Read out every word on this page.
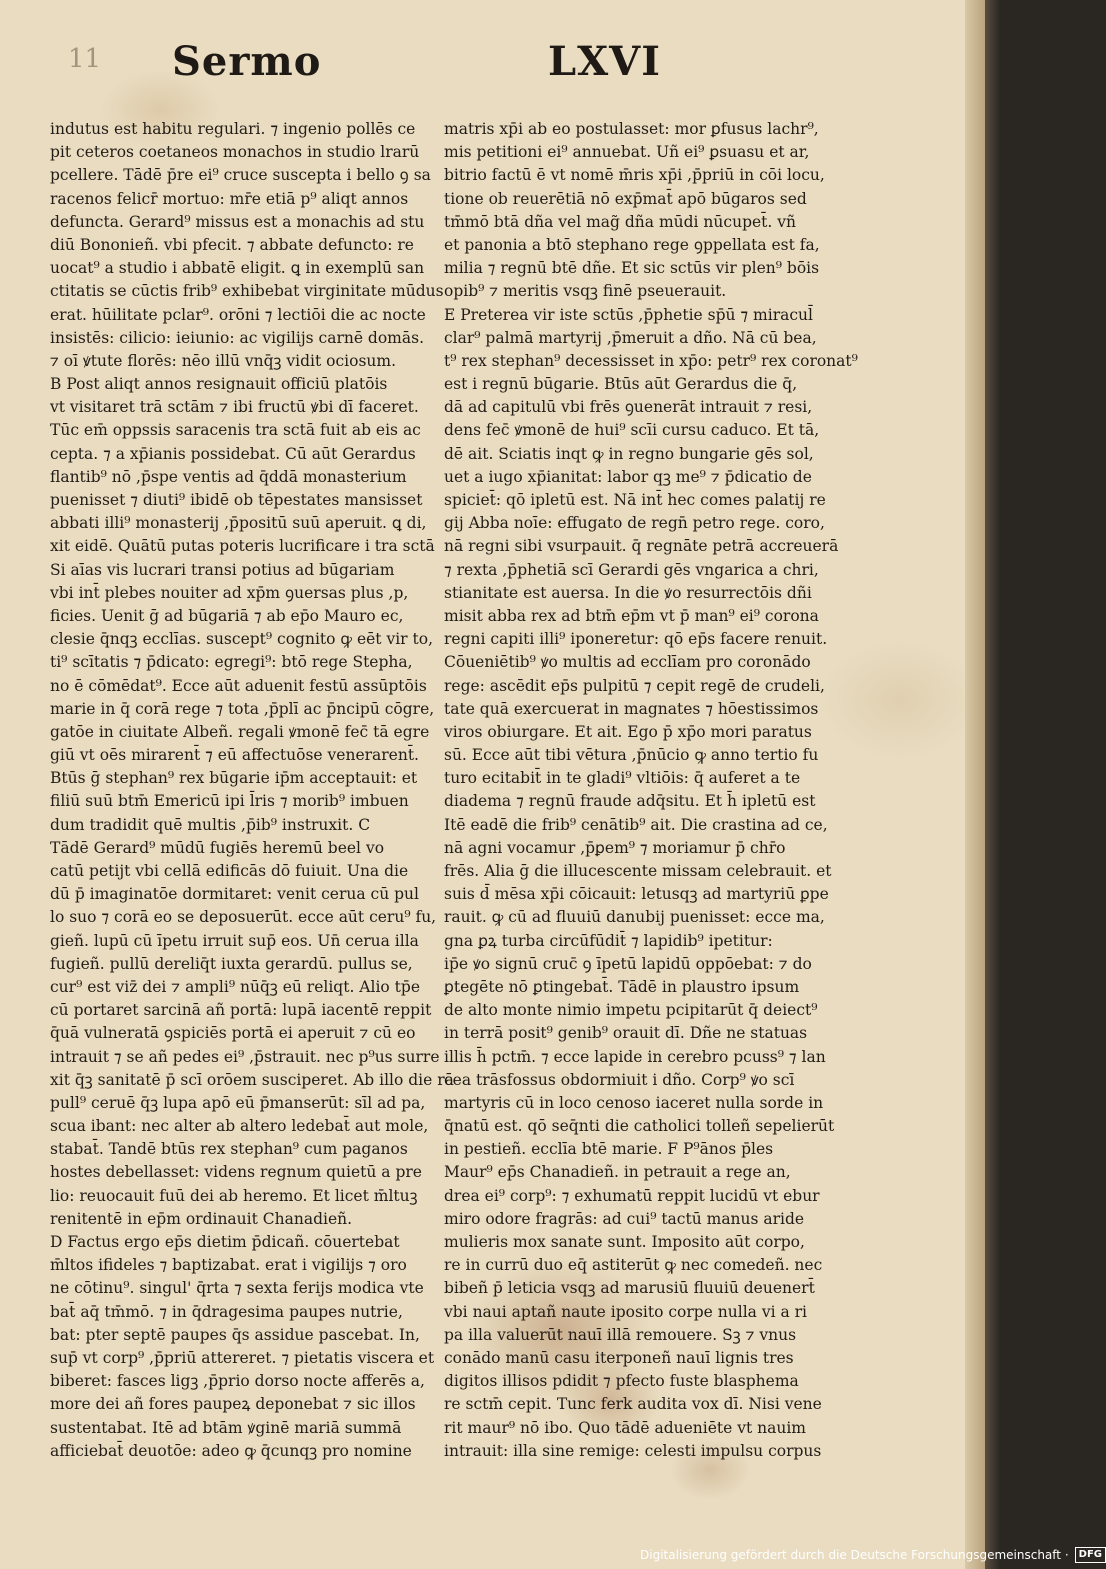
11 Sermo	LXVI
indutus est habitu regulari. ⁊ ingenio pollēs ce
pit ceteros coetaneos monachos in studio lrarū
pcellere. Tādē p̄re ei⁹ cruce suscepta i bello ꝯ sa
racenos felicr̄ mortuo: mr̄e etiā p⁹ aliqt annos
defuncta. Gerard⁹ missus est a monachis ad stu
diū Bononieñ. vbi pfecit. ⁊ abbate defuncto: re
uocat⁹ a studio i abbatē eligit. ꝗ in exemplū san
ctitatis se cūctis frib⁹ exhibebat virginitate mūdus
erat. hūilitate pclar⁹. orōni ⁊ lectiōi die ac nocte
insistēs: cilicio: ieiunio: ac vigilijs carnē domās.
⁊ oī ꝟtute florēs: nēo illū vnq̄ꝫ vidit ociosum.
B Post aliqt annos resignauit officiū platōis
vt visitaret trā sctām ⁊ ibi fructū ꝟbi dī faceret.
Tūc em̄ oppssis saracenis tra sctā fuit ab eis ac
cepta. ⁊ a xp̄ianis possidebat. Cū aūt Gerardus
flantib⁹ nō ,p̄spe ventis ad q̄ddā monasterium
puenisset ⁊ diuti⁹ ibidē ob tēpestates mansisset
abbati illi⁹ monasterij ,p̄positū suū aperuit. ꝗ di,
xit eidē. Quātū putas poteris lucrificare i tra sctā
Si aīas vis lucrari transi potius ad būgariam
vbi int̄ plebes nouiter ad xp̄m ꝯuersas plus ,p,
ficies. Uenit ḡ ad būgariā ⁊ ab ep̄o Mauro ec,
clesie q̄nqꝫ ecclīas. suscept⁹ cognito ꝙ eēt vir to,
ti⁹ scītatis ⁊ p̄dicato: egregi⁹: btō rege Stepha,
no ē cōmēdat⁹. Ecce aūt aduenit festū assūptōis
marie in q̄ corā rege ⁊ tota ,p̄plī ac p̄ncipū cōgre,
gatōe in ciuitate Albeñ. regali ꝟmonē fec̄ tā egre
giū vt oēs mirarent̄ ⁊ eū affectuōse venerarent̄.
Btūs ḡ stephan⁹ rex būgarie ip̄m acceptauit: et
filiū suū btm̄ Emericū ipi l̄ris ⁊ morib⁹ imbuen
dum tradidit quē multis ,p̄ib⁹ instruxit. C
Tādē Gerard⁹ mūdū fugiēs heremū beel vo
catū petijt vbi cellā edificās dō fuiuit. Una die
dū p̄ imaginatōe dormitaret: venit cerua cū pul
lo suo ⁊ corā eo se deposuerūt. ecce aūt ceru⁹ fu,
gieñ. lupū cū īpetu irruit sup̄ eos. Un̄ cerua illa
fugieñ. pullū dereliq̄t iuxta gerardū. pullus se,
cur⁹ est viz̄ dei ⁊ ampli⁹ nūq̄ꝫ eū reliqt. Alio tp̄e
cū portaret sarcinā añ portā: lupā iacentē reppit
q̄uā vulneratā ꝯspiciēs portā ei aperuit ⁊ cū eo
intrauit ⁊ se añ pedes ei⁹ ,p̄strauit. nec p⁹us surre
xit q̄ꝫ sanitatē p̄ scī orōem susciperet. Ab illo die rā
pull⁹ ceruē q̄ꝫ lupa apō eū p̄manserūt: sīl ad pa,
scua ibant: nec alter ab altero ledebat̄ aut mole,
stabat̄. Tandē btūs rex stephan⁹ cum paganos
hostes debellasset: videns regnum quietū a pre
lio: reuocauit fuū dei ab heremo. Et licet m̄ltuꝫ
renitentē in ep̄m ordinauit Chanadieñ.
D Factus ergo ep̄s dietim p̄dicañ. cōuertebat
m̄ltos ifideles ⁊ baptizabat. erat i vigilijs ⁊ oro
ne cōtinu⁹. singul' q̄rta ⁊ sexta ferijs modica vte
bat̄ aq̄ tm̄mō. ⁊ in q̄dragesima paupes nutrie,
bat: pter septē paupes q̄s assidue pascebat. In,
sup̄ vt corp⁹ ,p̄priū attereret. ⁊ pietatis viscera et
biberet: fasces ligꝫ ,p̄prio dorso nocte afferēs a,
more dei añ fores paupeꝝ deponebat ⁊ sic illos
sustentabat. Itē ad btām ꝟginē mariā summā
afficiebat̄ deuotōe: adeo ꝙ q̄cunqꝫ pro nomine
matris xp̄i ab eo postulasset: mor ꝑfusus lachr⁹,
mis petitioni ei⁹ annuebat. Uñ ei⁹ ꝑsuasu et ar,
bitrio factū ē vt nomē m̄ris xp̄i ,p̄priū in cōi locu,
tione ob reuerētiā nō exp̄mat̄ apō būgaros sed
tm̄mō btā dña vel mag̃ dña mūdi nūcupet̄. vñ
et panonia a btō stephano rege ꝯppellata est fa,
milia ⁊ regnū btē dñe. Et sic sctūs vir plen⁹ bōis
opib⁹ ⁊ meritis vsqꝫ finē pseuerauit.
E Preterea vir iste sctūs ,p̄phetie sp̄ū ⁊ miracul̄
clar⁹ palmā martyrij ,p̄meruit a dño. Nā cū bea,
t⁹ rex stephan⁹ decessisset in xp̄o: petr⁹ rex coronat⁹
est i regnū būgarie. Btūs aūt Gerardus die q̄,
dā ad capitulū vbi frēs ꝯuenerāt intrauit ⁊ resi,
dens fec̄ ꝟmonē de hui⁹ scīi cursu caduco. Et tā,
dē ait. Sciatis inqt ꝙ in regno bungarie gēs sol,
uet a iugo xp̄ianitat: labor qꝫ me⁹ ⁊ p̄dicatio de
spiciet̄: qō ipletū est. Nā int̄ hec comes palatij re
gij Abba noīe: effugato de regn̄ petro rege. coro,
nā regni sibi vsurpauit. q̄ regnāte petrā accreuerā
⁊ rexta ,p̄phetiā scī Gerardi gēs vngarica a chri,
stianitate est auersa. In die ꝟo resurrectōis dñi
misit abba rex ad btm̄ ep̄m vt p̄ man⁹ ei⁹ corona
regni capiti illi⁹ iponeretur: qō ep̄s facere renuit.
Cōueniētib⁹ ꝟo multis ad ecclīam pro coronādo
rege: ascēdit ep̄s pulpitū ⁊ cepit regē de crudeli,
tate quā exercuerat in magnates ⁊ hōestissimos
viros obiurgare. Et ait. Ego p̄ xp̄o mori paratus
sū. Ecce aūt tibi vētura ,p̄nūcio ꝙ anno tertio fu
turo ecitabit̄ in te gladi⁹ vltiōis: q̄ auferet a te
diadema ⁊ regnū fraude adq̄situ. Et h̄ ipletū est
Itē eadē die frib⁹ cenātib⁹ ait. Die crastina ad ce,
nā agni vocamur ,p̄ꝑem⁹ ⁊ moriamur p̄ chr̄o
frēs. Alia ḡ die illucescente missam celebrauit. et
suis d̄ mēsa xp̄i cōicauit: letusqꝫ ad martyriū ꝑpe
rauit. ꝙ cū ad fluuiū danubij puenisset: ecce ma,
gna ꝑꝝ turba circūfūdit̄ ⁊ lapidib⁹ ipetitur:
ip̄e ꝟo signū cruc̄ ꝯ īpetū lapidū oppōebat: ⁊ do
ꝑtegēte nō ꝑtingebat̄. Tādē in plaustro ipsum
de alto monte nimio impetu pcipitarūt q̄ deiect⁹
in terrā posit⁹ genib⁹ orauit dī. Dñe ne statuas
illis h̄ pctm̄. ⁊ ecce lapide in cerebro pcuss⁹ ⁊ lan
cea trāsfossus obdormiuit i dño. Corp⁹ ꝟo scī
martyris cū in loco cenoso iaceret nulla sorde in
q̄natū est. qō seq̄nti die catholici tolleñ sepelierūt
in pestieñ. ecclīa btē marie. F P⁹ānos p̄les
Maur⁹ ep̄s Chanadieñ. in petrauit a rege an,
drea ei⁹ corp⁹: ⁊ exhumatū reppit lucidū vt ebur
miro odore fragrās: ad cui⁹ tactū manus aride
mulieris mox sanate sunt. Imposito aūt corpo,
re in currū duo eq̄ astiterūt ꝙ nec comedeñ. nec
bibeñ p̄ leticia vsqꝫ ad marusiū fluuiū deuenert̄
vbi naui aptañ naute iposito corpe nulla vi a ri
pa illa valuerūt nauī illā remouere. Sꝫ ⁊ vnus
conādo manū casu iterponeñ nauī lignis tres
digitos illisos pdidit ⁊ pfecto fuste blasphema
re sctm̄ cepit. Tunc ferk audita vox dī. Nisi vene
rit maur⁹ nō ibo. Quo tādē adueniēte vt nauim
intrauit: illa sine remige: celesti impulsu corpus
Digitalisierung gefördert durch die Deutsche Forschungsgemeinschaft ·	DFG
